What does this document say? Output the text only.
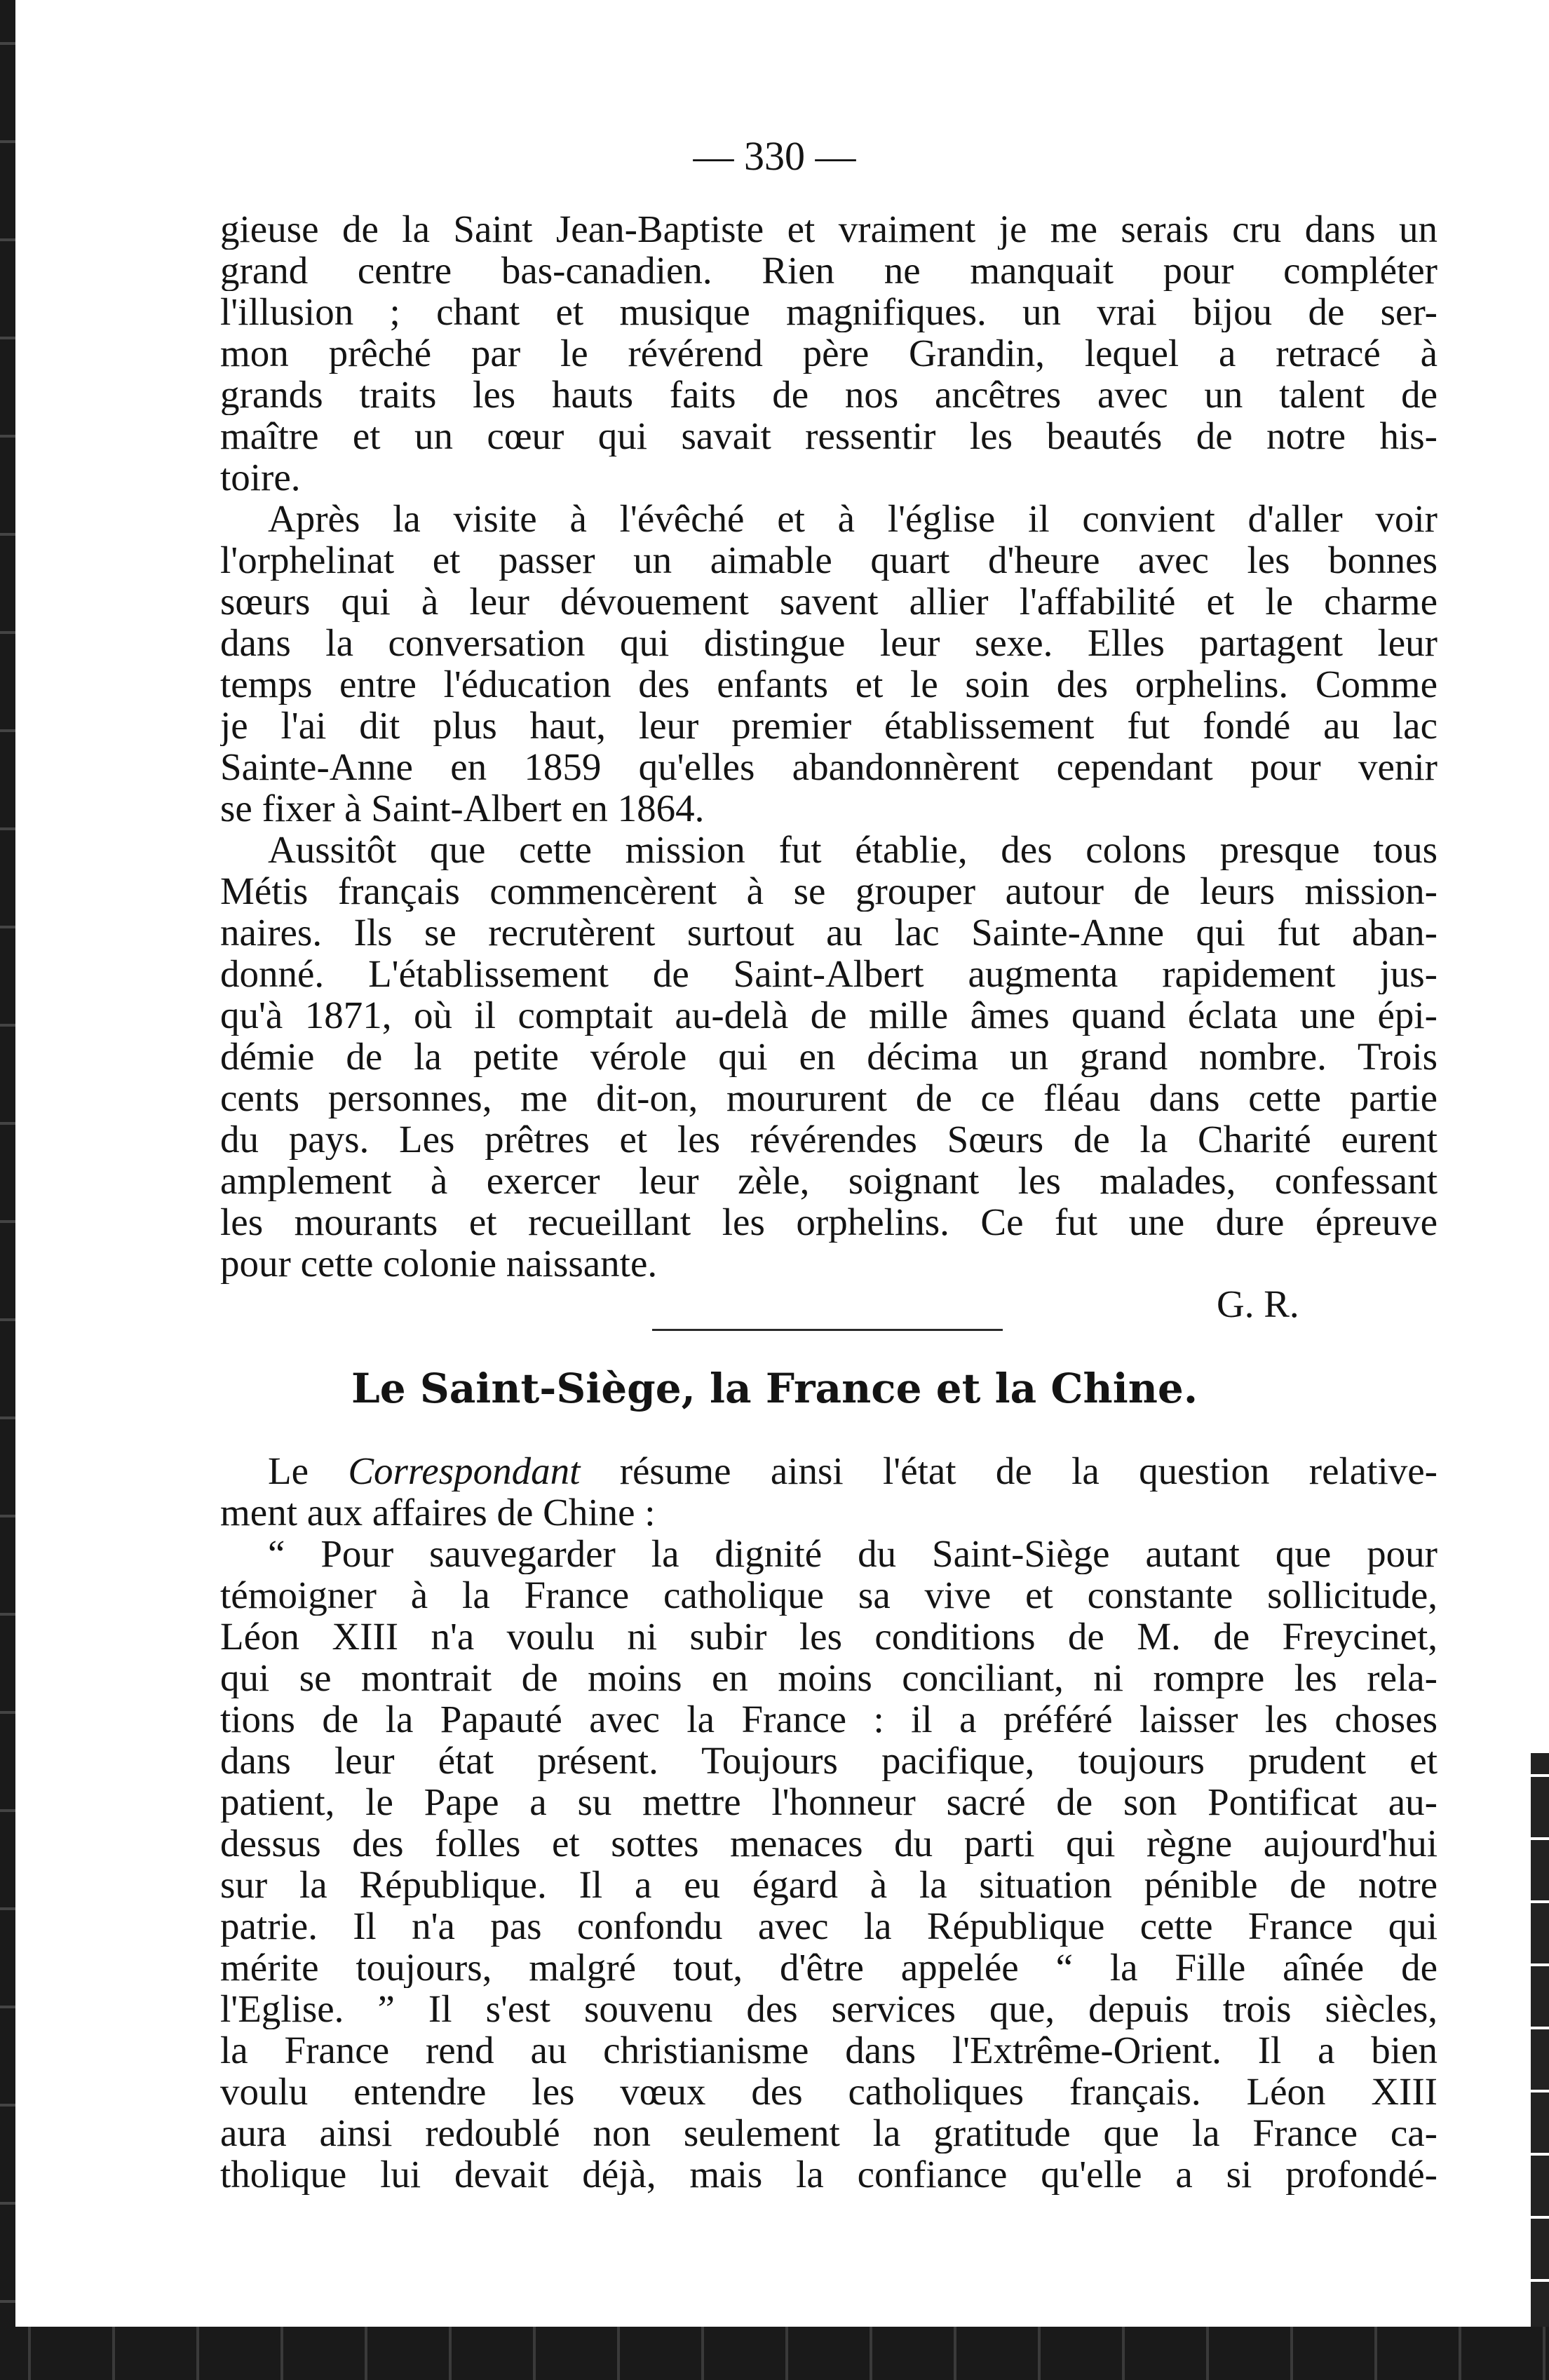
— 330 —
gieuse de la Saint Jean-Baptiste et vraiment je me serais cru dans un
grand centre bas-canadien. Rien ne manquait pour compléter
l'illusion ; chant et musique magnifiques. un vrai bijou de ser-
mon prêché par le révérend père Grandin, lequel a retracé à
grands traits les hauts faits de nos ancêtres avec un talent de
maître et un cœur qui savait ressentir les beautés de notre his-
toire.
Après la visite à l'évêché et à l'église il convient d'aller voir
l'orphelinat et passer un aimable quart d'heure avec les bonnes
sœurs qui à leur dévouement savent allier l'affabilité et le charme
dans la conversation qui distingue leur sexe. Elles partagent leur
temps entre l'éducation des enfants et le soin des orphelins. Comme
je l'ai dit plus haut, leur premier établissement fut fondé au lac
Sainte-Anne en 1859 qu'elles abandonnèrent cependant pour venir
se fixer à Saint-Albert en 1864.
Aussitôt que cette mission fut établie, des colons presque tous
Métis français commencèrent à se grouper autour de leurs mission-
naires. Ils se recrutèrent surtout au lac Sainte-Anne qui fut aban-
donné. L'établissement de Saint-Albert augmenta rapidement jus-
qu'à 1871, où il comptait au-delà de mille âmes quand éclata une épi-
démie de la petite vérole qui en décima un grand nombre. Trois
cents personnes, me dit-on, moururent de ce fléau dans cette partie
du pays. Les prêtres et les révérendes Sœurs de la Charité eurent
amplement à exercer leur zèle, soignant les malades, confessant
les mourants et recueillant les orphelins. Ce fut une dure épreuve
pour cette colonie naissante.
G. R.
Le Saint-Siège, la France et la Chine.
Le Correspondant résume ainsi l'état de la question relative-
ment aux affaires de Chine :
“ Pour sauvegarder la dignité du Saint-Siège autant que pour
témoigner à la France catholique sa vive et constante sollicitude,
Léon XIII n'a voulu ni subir les conditions de M. de Freycinet,
qui se montrait de moins en moins conciliant, ni rompre les rela-
tions de la Papauté avec la France : il a préféré laisser les choses
dans leur état présent. Toujours pacifique, toujours prudent et
patient, le Pape a su mettre l'honneur sacré de son Pontificat au-
dessus des folles et sottes menaces du parti qui règne aujourd'hui
sur la République. Il a eu égard à la situation pénible de notre
patrie. Il n'a pas confondu avec la République cette France qui
mérite toujours, malgré tout, d'être appelée “ la Fille aînée de
l'Eglise. ” Il s'est souvenu des services que, depuis trois siècles,
la France rend au christianisme dans l'Extrême-Orient. Il a bien
voulu entendre les vœux des catholiques français. Léon XIII
aura ainsi redoublé non seulement la gratitude que la France ca-
tholique lui devait déjà, mais la confiance qu'elle a si profondé-
